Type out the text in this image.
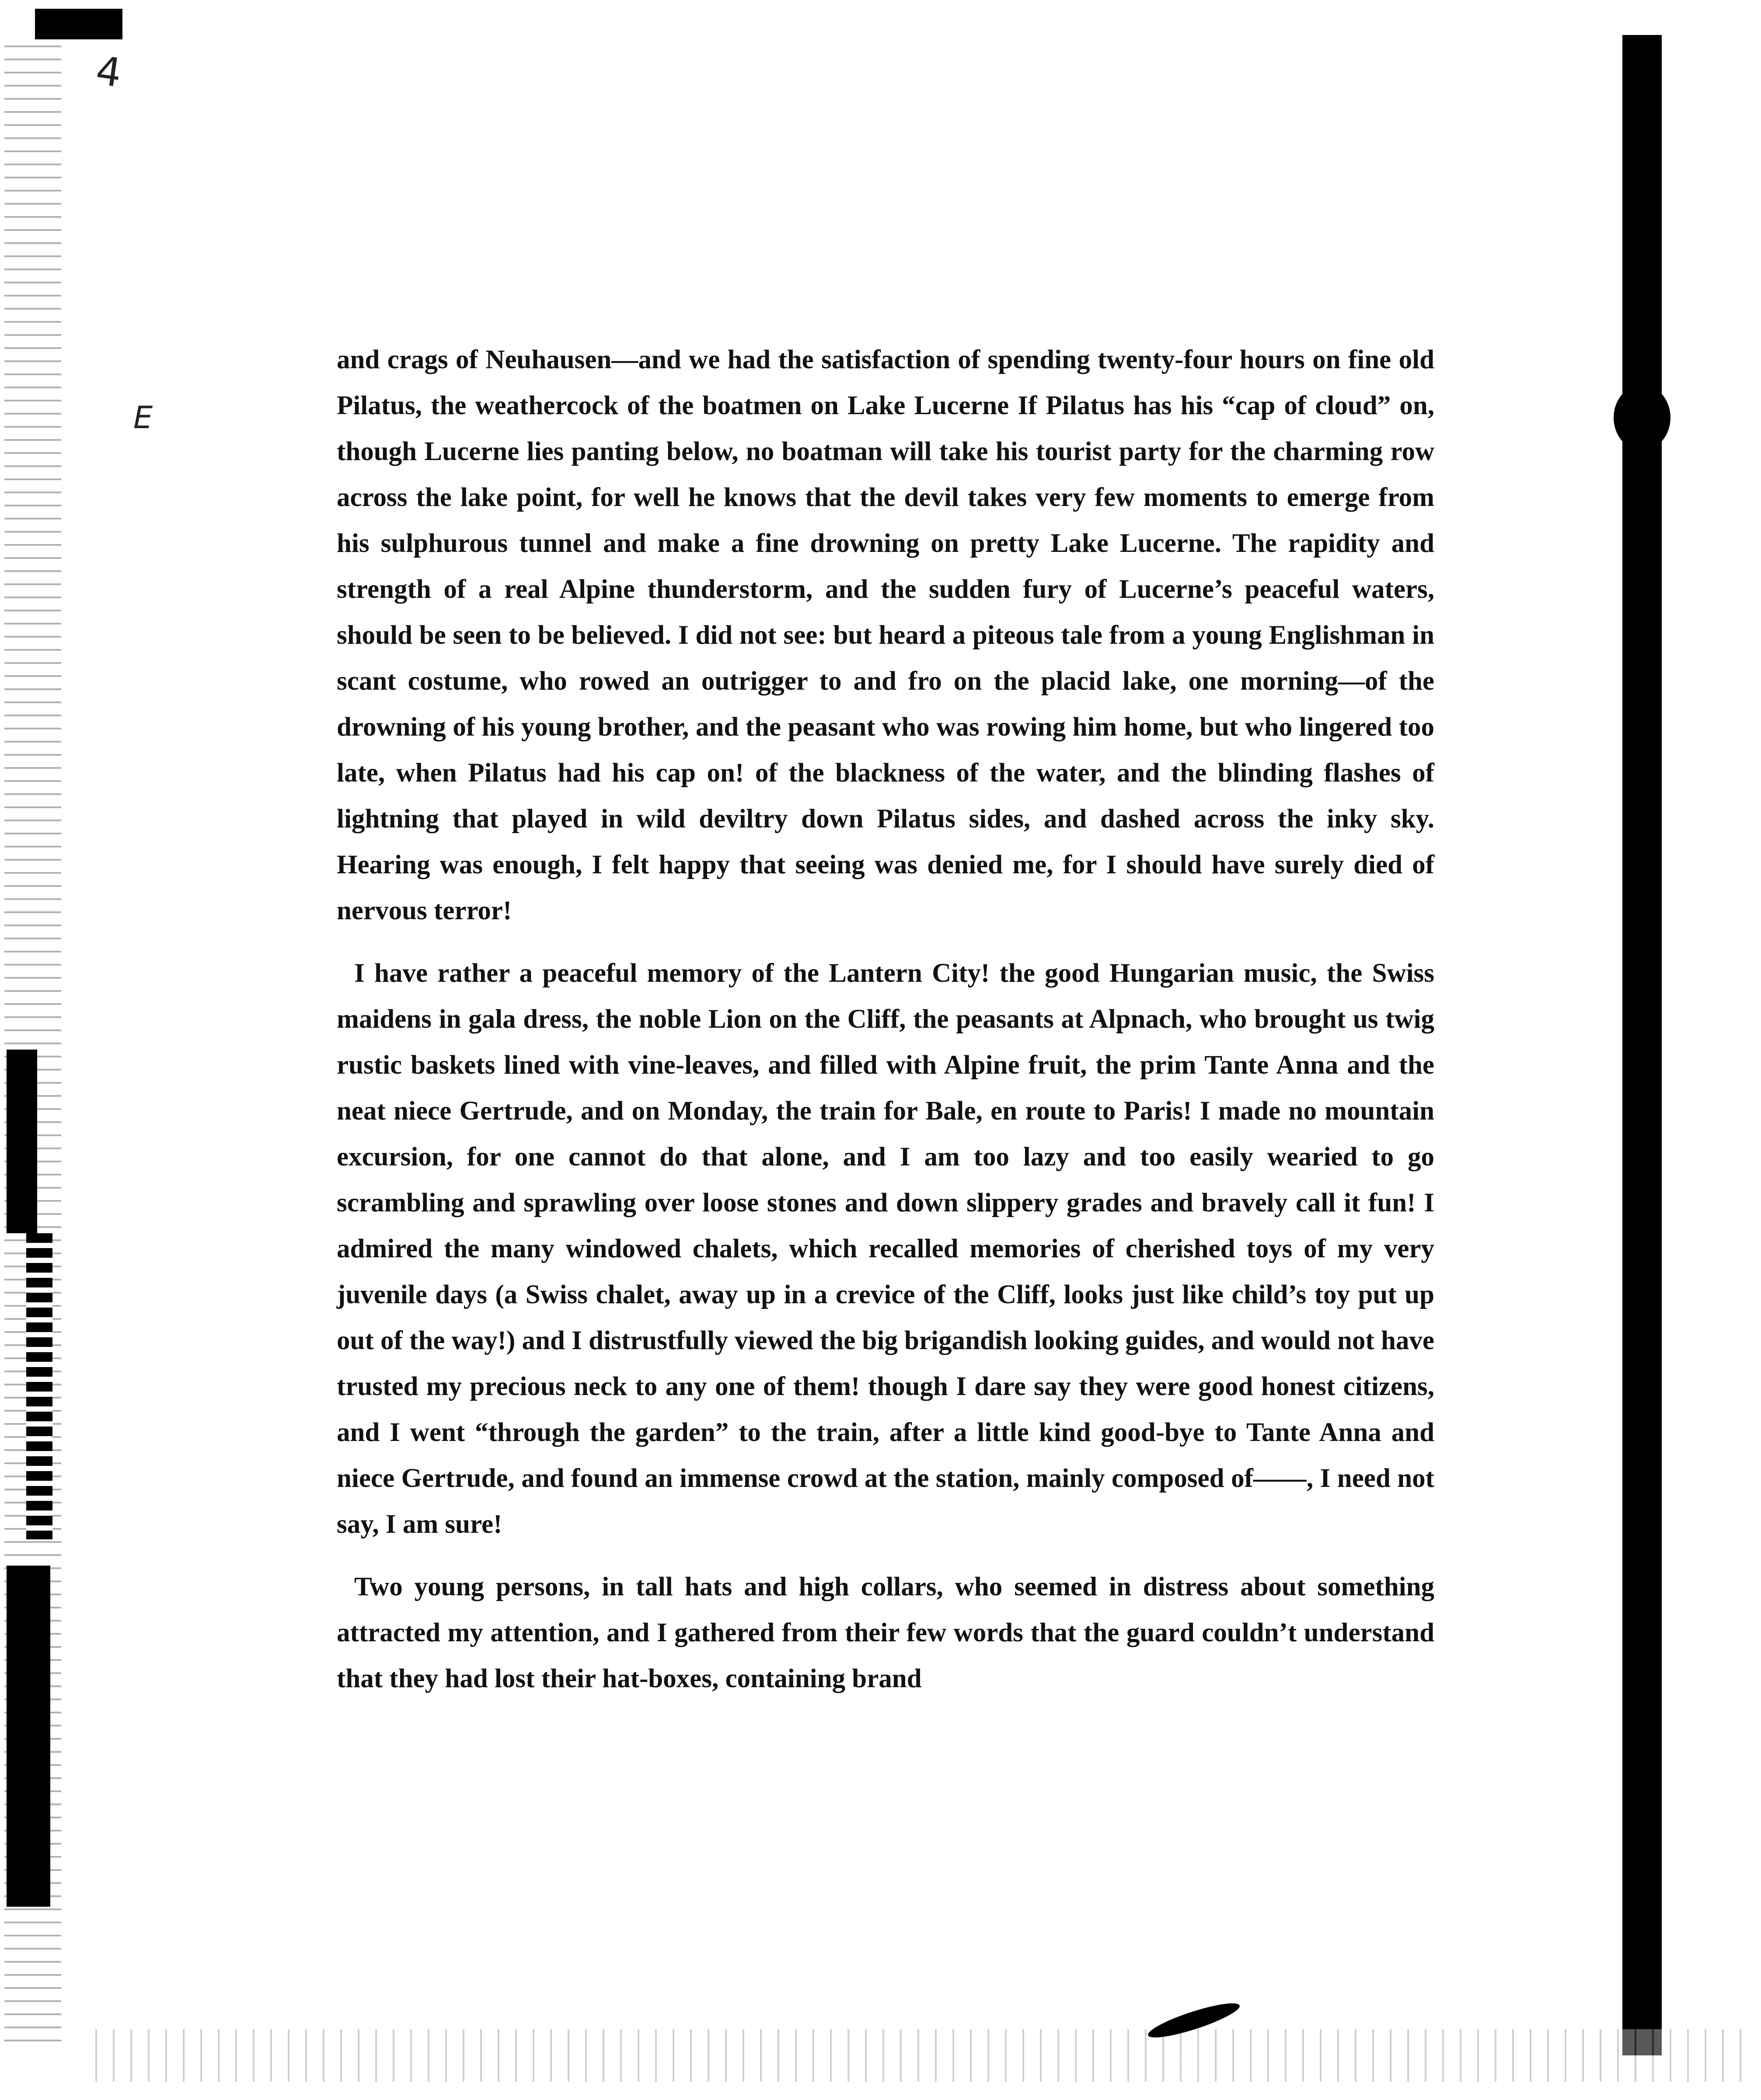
4
E

and crags of Neuhausen—and we had the satisfaction of spending twenty-four hours on fine old Pilatus, the weathercock of the boatmen on Lake Lucerne If Pilatus has his “cap of cloud” on, though Lucerne lies panting below, no boatman will take his tourist party for the charming row across the lake point, for well he knows that the devil takes very few moments to emerge from his sulphurous tunnel and make a fine drowning on pretty Lake Lucerne. The rapidity and strength of a real Alpine thunderstorm, and the sudden fury of Lucerne’s peaceful waters, should be seen to be believed. I did not see: but heard a piteous tale from a young Englishman in scant costume, who rowed an outrigger to and fro on the placid lake, one morning—of the drowning of his young brother, and the peasant who was rowing him home, but who lingered too late, when Pilatus had his cap on! of the blackness of the water, and the blinding flashes of lightning that played in wild deviltry down Pilatus sides, and dashed across the inky sky. Hearing was enough, I felt happy that seeing was denied me, for I should have surely died of nervous terror!

I have rather a peaceful memory of the Lantern City! the good Hungarian music, the Swiss maidens in gala dress, the noble Lion on the Cliff, the peasants at Alpnach, who brought us twig rustic baskets lined with vine-leaves, and filled with Alpine fruit, the prim Tante Anna and the neat niece Gertrude, and on Monday, the train for Bale, en route to Paris! I made no mountain excursion, for one cannot do that alone, and I am too lazy and too easily wearied to go scrambling and sprawling over loose stones and down slippery grades and bravely call it fun! I admired the many windowed chalets, which recalled memories of cherished toys of my very juvenile days (a Swiss chalet, away up in a crevice of the Cliff, looks just like child’s toy put up out of the way!) and I distrustfully viewed the big brigandish looking guides, and would not have trusted my precious neck to any one of them! though I dare say they were good honest citizens, and I went “through the garden” to the train, after a little kind good-bye to Tante Anna and niece Gertrude, and found an immense crowd at the station, mainly composed of——, I need not say, I am sure!

Two young persons, in tall hats and high collars, who seemed in distress about something attracted my attention, and I gathered from their few words that the guard couldn’t understand that they had lost their hat-boxes, containing brand
